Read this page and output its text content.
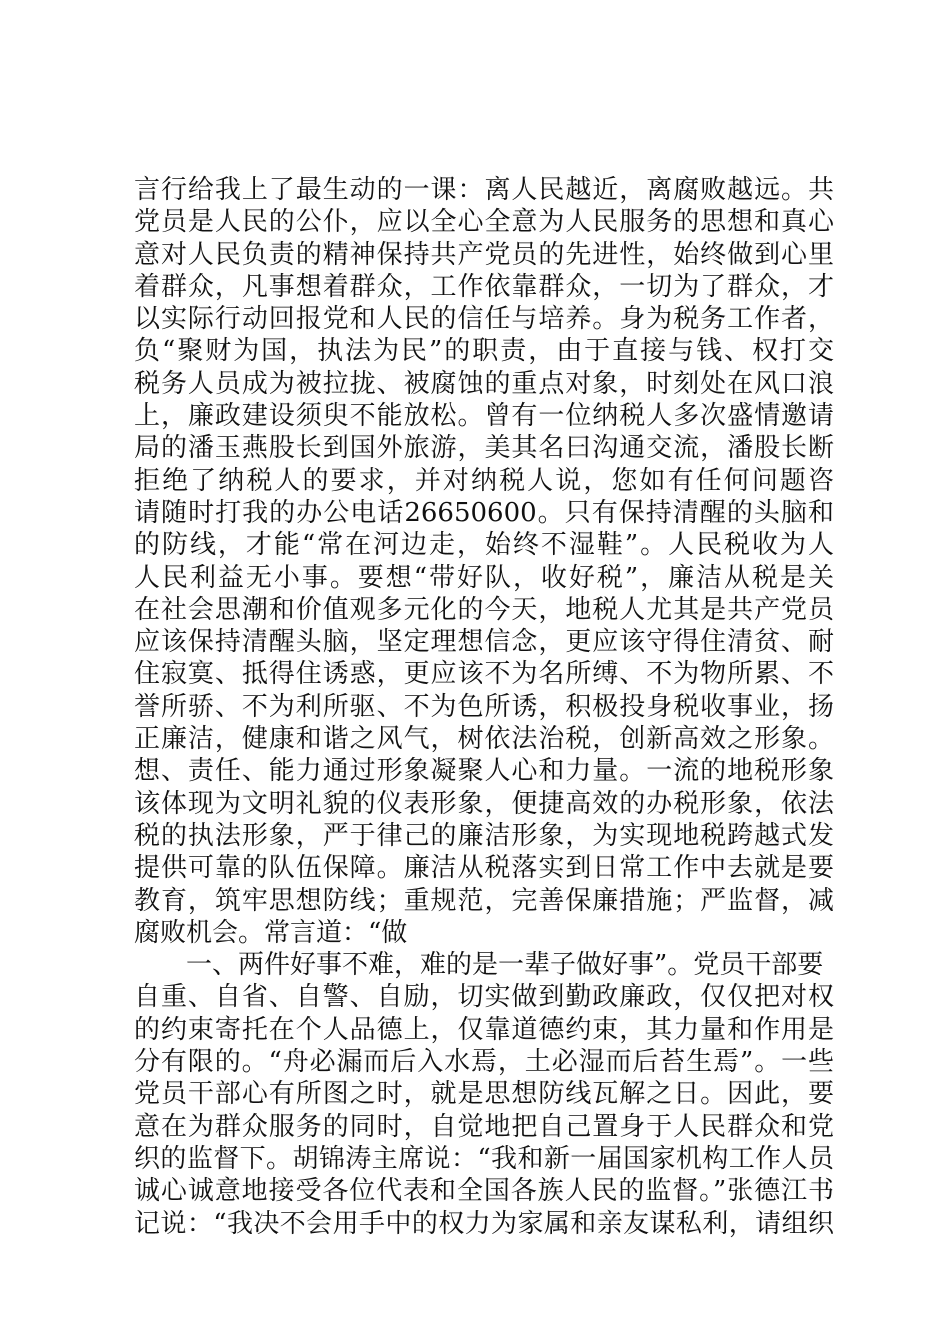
言行给我上了最生动的一课：离人民越近，离腐败越远。共
党员是人民的公仆，应以全心全意为人民服务的思想和真心
意对人民负责的精神保持共产党员的先进性，始终做到心里
着群众，凡事想着群众，工作依靠群众，一切为了群众，才
以实际行动回报党和人民的信任与培养。身为税务工作者，
负“聚财为国，执法为民”的职责，由于直接与钱、权打交
税务人员成为被拉拢、被腐蚀的重点对象，时刻处在风口浪
上，廉政建设须臾不能放松。曾有一位纳税人多次盛情邀请
局的潘玉燕股长到国外旅游，美其名曰沟通交流，潘股长断
拒绝了纳税人的要求，并对纳税人说，您如有任何问题咨
请随时打我的办公电话26650600。只有保持清醒的头脑和
的防线，才能“常在河边走，始终不湿鞋”。人民税收为人
人民利益无小事。要想“带好队，收好税”，廉洁从税是关
在社会思潮和价值观多元化的今天，地税人尤其是共产党员
应该保持清醒头脑，坚定理想信念，更应该守得住清贫、耐
住寂寞、抵得住诱惑，更应该不为名所缚、不为物所累、不
誉所骄、不为利所驱、不为色所诱，积极投身税收事业，扬
正廉洁，健康和谐之风气，树依法治税，创新高效之形象。
想、责任、能力通过形象凝聚人心和力量。一流的地税形象
该体现为文明礼貌的仪表形象，便捷高效的办税形象，依法
税的执法形象，严于律己的廉洁形象，为实现地税跨越式发
提供可靠的队伍保障。廉洁从税落实到日常工作中去就是要
教育，筑牢思想防线；重规范，完善保廉措施；严监督，减
腐败机会。常言道：“做
一、两件好事不难，难的是一辈子做好事”。党员干部要
自重、自省、自警、自励，切实做到勤政廉政，仅仅把对权
的约束寄托在个人品德上，仅靠道德约束，其力量和作用是
分有限的。“舟必漏而后入水焉，土必湿而后苔生焉”。一些
党员干部心有所图之时，就是思想防线瓦解之日。因此，要
意在为群众服务的同时，自觉地把自己置身于人民群众和党
织的监督下。胡锦涛主席说：“我和新一届国家机构工作人员
诚心诚意地接受各位代表和全国各族人民的监督。”张德江书
记说：“我决不会用手中的权力为家属和亲友谋私利，请组织
